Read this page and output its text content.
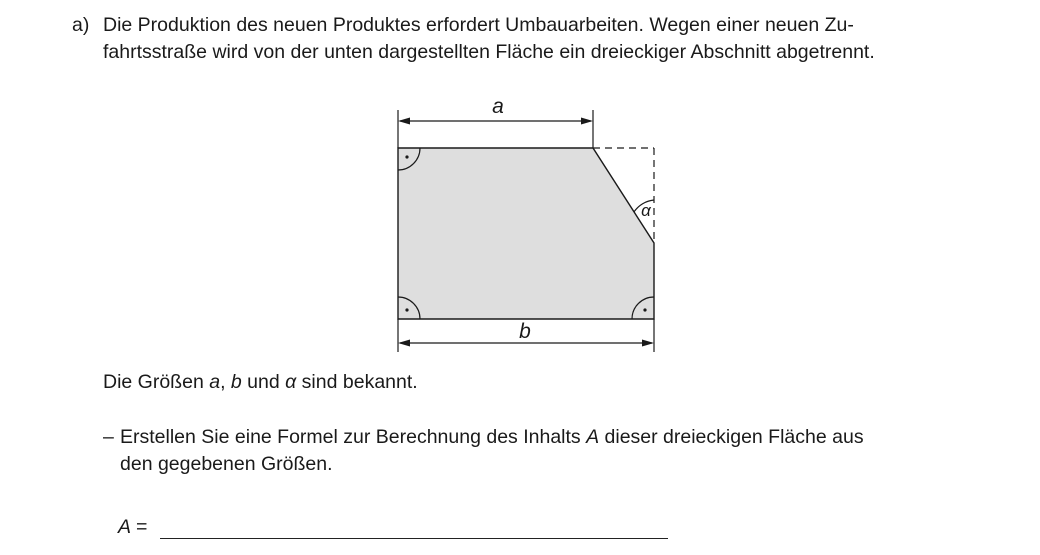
a) Die Produktion des neuen Produktes erfordert Umbauarbeiten. Wegen einer neuen Zu-
fahrtsstraße wird von der unten dargestellten Fläche ein dreieckiger Abschnitt abgetrennt.
a
α
b
Die Größen a, b und α sind bekannt.
– Erstellen Sie eine Formel zur Berechnung des Inhalts A dieser dreieckigen Fläche aus
den gegebenen Größen.
A =
